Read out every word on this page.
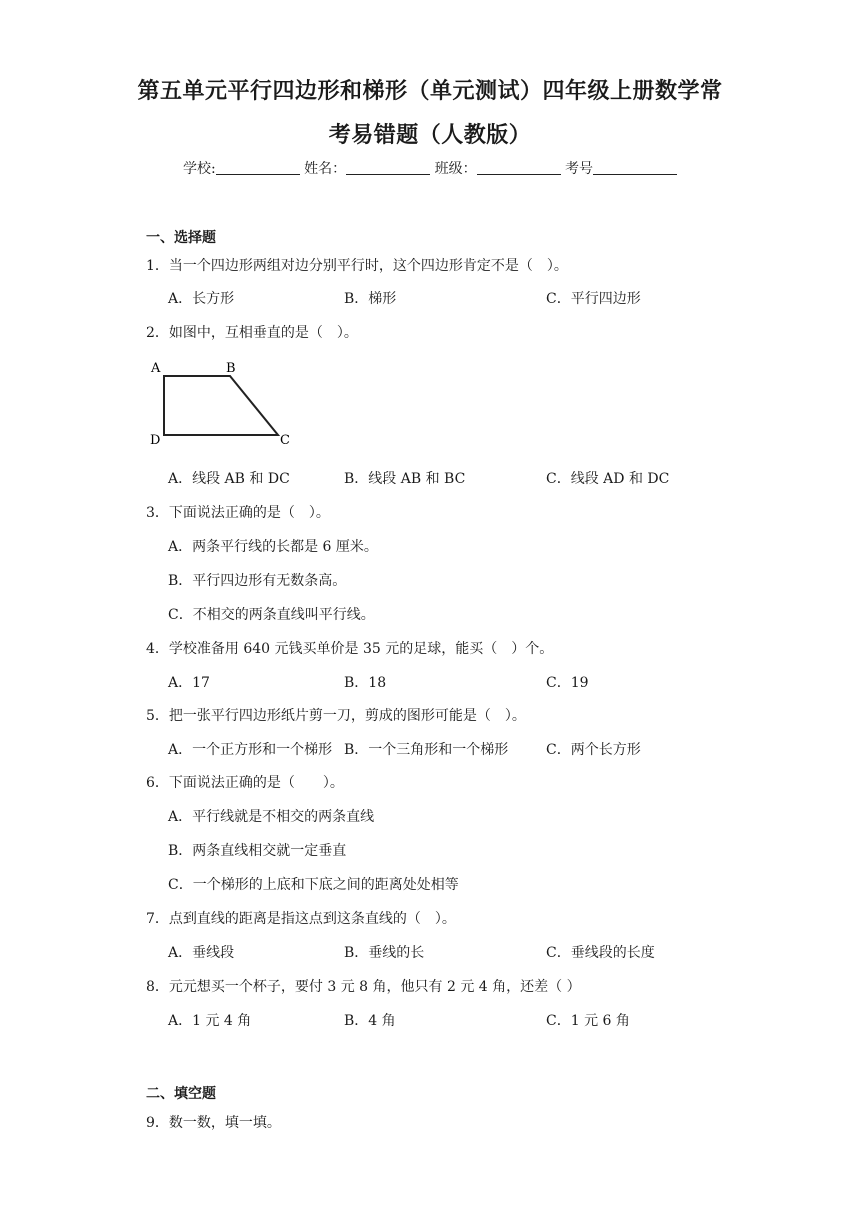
第五单元平行四边形和梯形（单元测试）四年级上册数学常
考易错题（人教版）
学校:	姓名：	班级：	考号
一、选择题
1．当一个四边形两组对边分别平行时，这个四边形肯定不是（　）。
A．长方形	B．梯形	C．平行四边形
2．如图中，互相垂直的是（　）。
A	B
C
D
A．线段 AB 和 DC	B．线段 AB 和 BC	C．线段 AD 和 DC
3．下面说法正确的是（　）。
A．两条平行线的长都是 6 厘米。
B．平行四边形有无数条高。
C．不相交的两条直线叫平行线。
4．学校准备用 640 元钱买单价是 35 元的足球，能买（　）个。
A．17	B．18	C．19
5．把一张平行四边形纸片剪一刀，剪成的图形可能是（　）。
A．一个正方形和一个梯形 B．一个三角形和一个梯形	C．两个长方形
6．下面说法正确的是（　　）。
A．平行线就是不相交的两条直线
B．两条直线相交就一定垂直
C．一个梯形的上底和下底之间的距离处处相等
7．点到直线的距离是指这点到这条直线的（　）。
A．垂线段	B．垂线的长	C．垂线段的长度
8．元元想买一个杯子，要付 3 元 8 角，他只有 2 元 4 角，还差（ ）
A．1 元 4 角	B．4 角	C．1 元 6 角
二、填空题
9．数一数，填一填。
